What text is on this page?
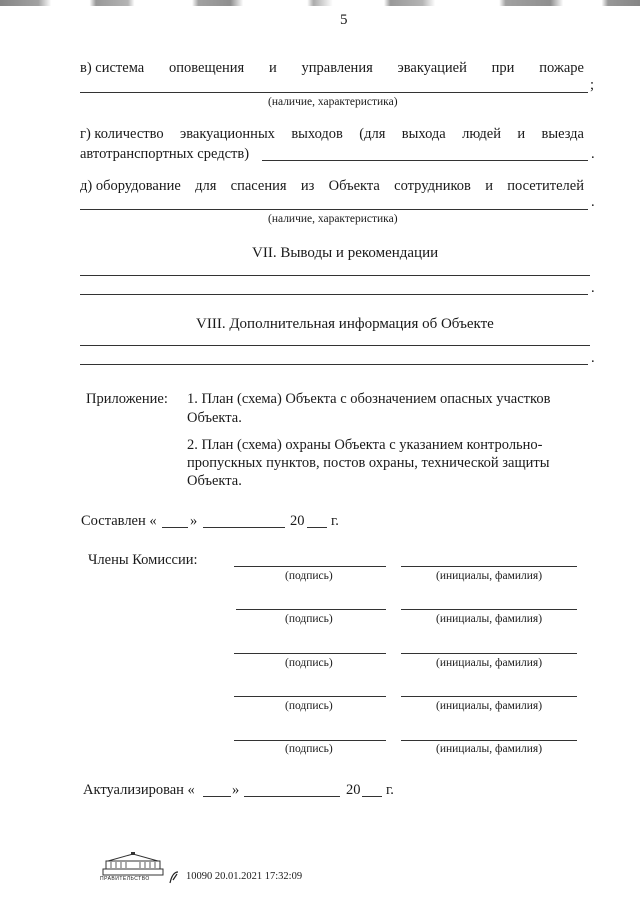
5
в) система оповещения и управления эвакуацией при пожаре
;
(наличие, характеристика)
г) количество эвакуационных выходов (для выхода людей и выезда
автотранспортных средств)	.
д) оборудование для спасения из Объекта сотрудников и посетителей
.
(наличие, характеристика)
VII. Выводы и рекомендации
.
VIII. Дополнительная информация об Объекте
.
Приложение: 1. План (схема) Объекта с обозначением опасных участков
Объекта.
2. План (схема) охраны Объекта с указанием контрольно-
пропускных пунктов, постов охраны, технической защиты
Объекта.
Составлен « »	20 г.
Члены Комиссии:
(подпись)	(инициалы, фамилия)
(подпись)	(инициалы, фамилия)
(подпись)	(инициалы, фамилия)
(подпись)	(инициалы, фамилия)
(подпись)	(инициалы, фамилия)
Актуализирован «	»	20 г.
ПРАВИТЕЛЬСТВО	10090 20.01.2021 17:32:09
